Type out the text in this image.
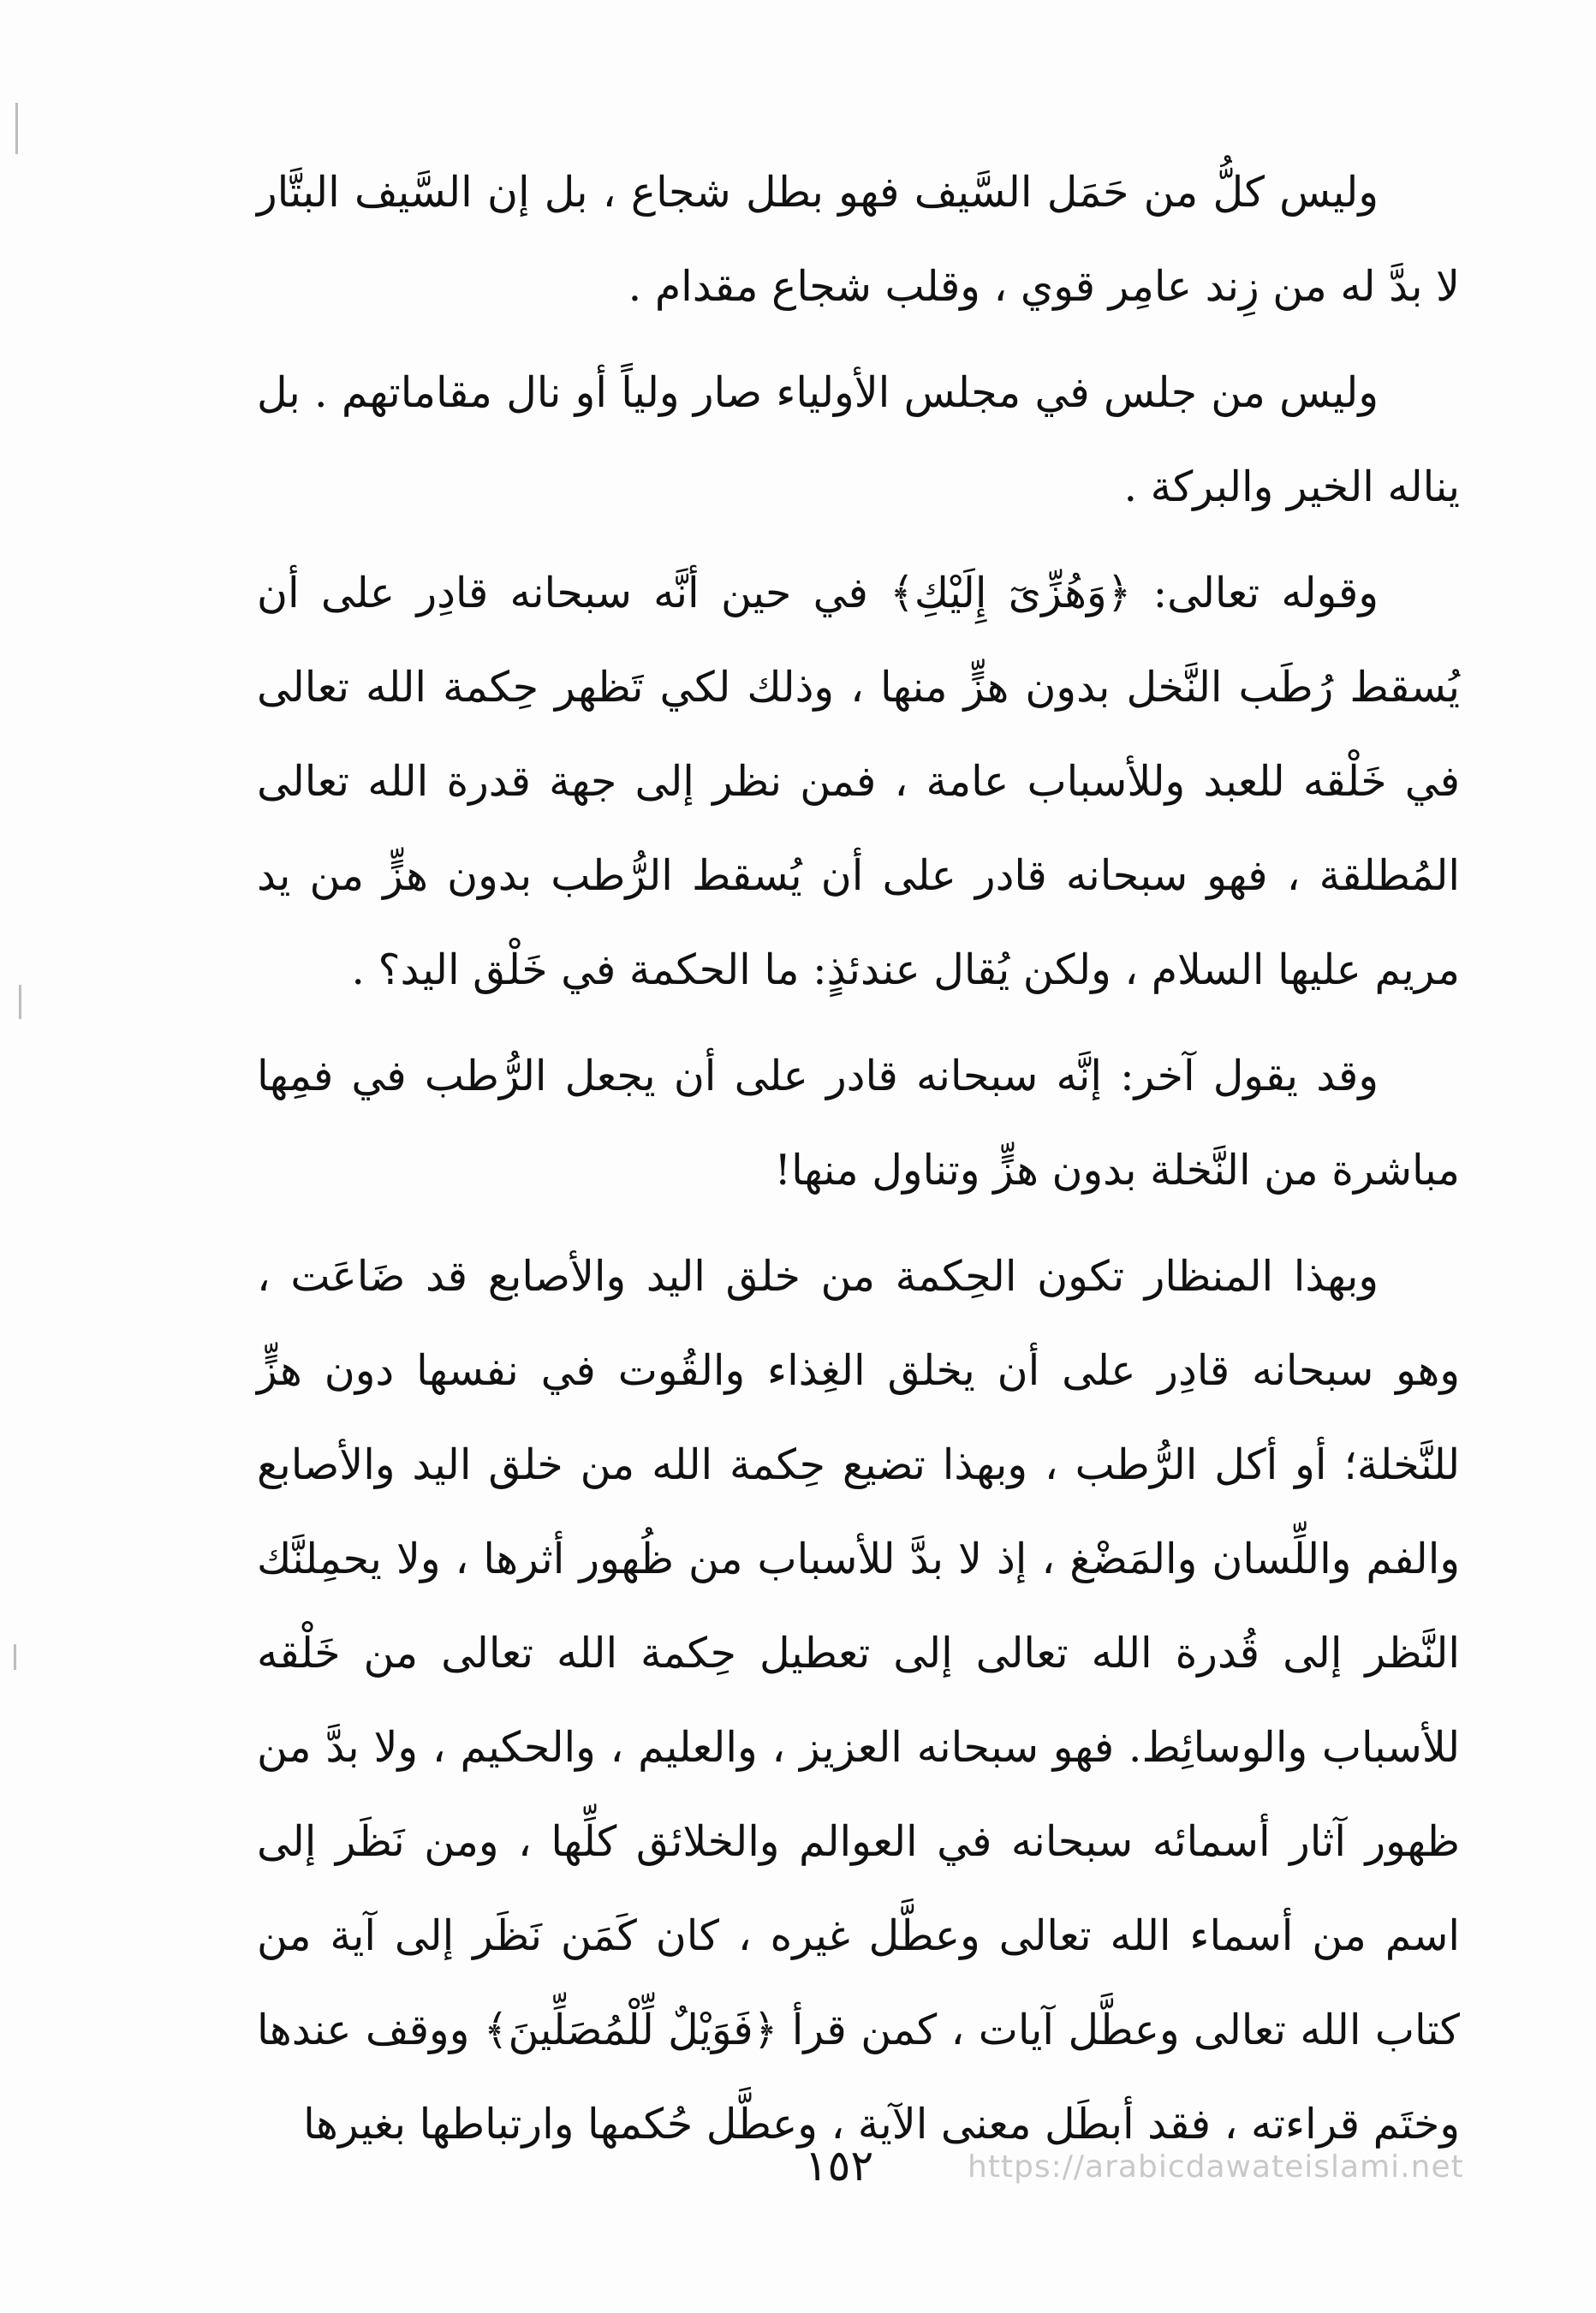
وليس كلُّ من حَمَل السَّيف فهو بطل شجاع ، بل إن السَّيف البتَّار لا بدَّ له من زِند عامِر قوي ، وقلب شجاع مقدام .

وليس من جلس في مجلس الأولياء صار ولياً أو نال مقاماتهم . بل يناله الخير والبركة .

وقوله تعالى: ﴿وَهُزِّىٓ إِلَيْكِ﴾ في حين أنَّه سبحانه قادِر على أن يُسقط رُطَب النَّخل بدون هزٍّ منها ، وذلك لكي تَظهر حِكمة الله تعالى في خَلْقه للعبد وللأسباب عامة ، فمن نظر إلى جهة قدرة الله تعالى المُطلقة ، فهو سبحانه قادر على أن يُسقط الرُّطب بدون هزٍّ من يد مريم عليها السلام ، ولكن يُقال عندئذٍ: ما الحكمة في خَلْق اليد؟ .

وقد يقول آخر: إنَّه سبحانه قادر على أن يجعل الرُّطب في فمِها مباشرة من النَّخلة بدون هزٍّ وتناول منها!

وبهذا المنظار تكون الحِكمة من خلق اليد والأصابع قد ضَاعَت ، وهو سبحانه قادِر على أن يخلق الغِذاء والقُوت في نفسها دون هزٍّ للنَّخلة؛ أو أكل الرُّطب ، وبهذا تضيع حِكمة الله من خلق اليد والأصابع والفم واللِّسان والمَضْغ ، إذ لا بدَّ للأسباب من ظُهور أثرها ، ولا يحمِلنَّك النَّظر إلى قُدرة الله تعالى إلى تعطيل حِكمة الله تعالى من خَلْقه للأسباب والوسائِط. فهو سبحانه العزيز ، والعليم ، والحكيم ، ولا بدَّ من ظهور آثار أسمائه سبحانه في العوالم والخلائق كلِّها ، ومن نَظَر إلى اسم من أسماء الله تعالى وعطَّل غيره ، كان كَمَن نَظَر إلى آية من كتاب الله تعالى وعطَّل آيات ، كمن قرأ ﴿فَوَيْلٌ لِّلْمُصَلِّينَ﴾ ووقف عندها وختَم قراءته ، فقد أبطَل معنى الآية ، وعطَّل حُكمها وارتباطها بغيرها

١٥٢	https://arabicdawateislami.net
